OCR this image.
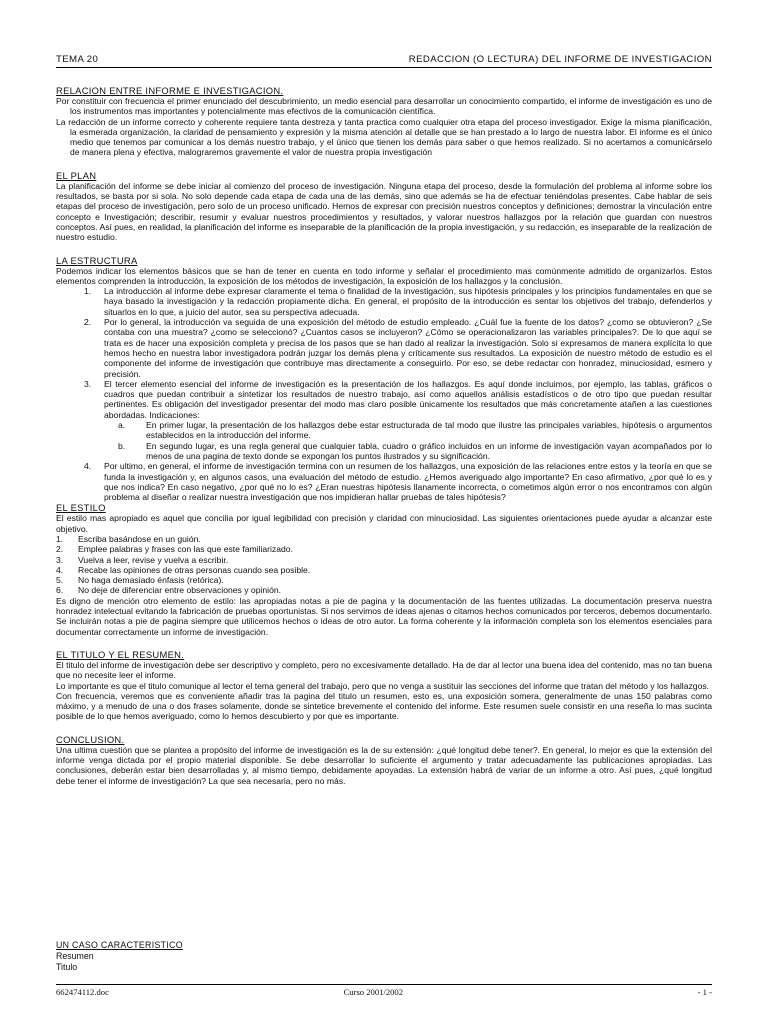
TEMA 20	REDACCION (O LECTURA) DEL INFORME DE INVESTIGACION
RELACION ENTRE INFORME E INVESTIGACION.

Por constituir con frecuencia el primer enunciado del descubrimiento, un medio esencial para desarrollar un conocimiento compartido, el informe de investigación es uno de los instrumentos mas importantes y potencialmente mas efectivos de la comunicación científica.

La redacción de un informe correcto y coherente requiere tanta destreza y tanta practica como cualquier otra etapa del proceso investigador. Exige la misma planificación, la esmerada organización, la claridad de pensamiento y expresión y la misma atención al detalle que se han prestado a lo largo de nuestra labor. El informe es el único medio que tenemos par comunicar a los demás nuestro trabajo, y el único que tienen los demás para saber o que hemos realizado. Si no acertamos a comunicárselo de manera plena y efectiva, malograremos gravemente el valor de nuestra propia investigación

EL PLAN

La planificación del informe se debe iniciar al comienzo del proceso de investigación. Ninguna etapa del proceso, desde la formulación del problema al informe sobre los resultados, se basta por si sola. No solo depende cada etapa de cada una de las demás, sino que además se ha de efectuar teniéndolas presentes. Cabe hablar de seis etapas del proceso de investigación, pero solo de un proceso unificado. Hemos de expresar con precisión nuestros conceptos y definiciones; demostrar la vinculación entre concepto e Investigación; describir, resumir y evaluar nuestros procedimientos y resultados, y valorar nuestros hallazgos por la relación que guardan con nuestros conceptos. Así pues, en realidad, la planificación del informe es inseparable de la planificación de la propia investigación, y su redacción, es inseparable de la realización de nuestro estudio.

LA ESTRUCTURA

Podemos indicar los elementos básicos que se han de tener en cuenta en todo informe y señalar el procedimiento mas comúnmente admitido de organizarlos. Estos elementos comprenden la introducción, la exposición de los métodos de investigación, la exposición de los hallazgos y la conclusión.

1.	La introducción al informe debe expresar claramente el tema o finalidad de la investigación, sus hipótesis principales y los principios fundamentales en que se haya basado la investigación y la redacción propiamente dicha. En general, el propósito de la introducción es sentar los objetivos del trabajo, defenderlos y situarlos en lo que, a juicio del autor, sea su perspectiva adecuada.
2.	Por lo general, la introducción va seguida de una exposición del método de estudio empleado. ¿Cuál fue la fuente de los datos? ¿como se obtuvieron? ¿Se contaba con una muestra? ¿como se seleccionó? ¿Cuantos casos se incluyeron? ¿Cómo se operacionalizaron las variables principales?. De lo que aquí se trata es de hacer una exposición completa y precisa de los pasos que se han dado al realizar la investigación. Solo si expresamos de manera explícita lo que hemos hecho en nuestra labor investigadora podrán juzgar los demás plena y críticamente sus resultados. La exposición de nuestro método de estudio es el componente del informe de investigación que contribuye mas directamente a conseguirlo. Por eso, se debe redactar con honradez, minuciosidad, esmero y precisión.
3.	El tercer elemento esencial del informe de investigación es la presentación de los hallazgos. Es aquí donde incluimos, por ejemplo, las tablas, gráficos o cuadros que puedan contribuir a sintetizar los resultados de nuestro trabajo, así como aquellos análisis estadísticos o de otro tipo que puedan resultar pertinentes. Es obligación del investigador presentar del modo mas claro posible únicamente los resultados que más concretamente atañen a las cuestiones abordadas. Indicaciones:
a.	En primer lugar, la presentación de los hallazgos debe estar estructurada de tal modo que ilustre las principales variables, hipótesis o argumentos establecidos en la introducción del informe.
b.	En segundo lugar, es una regla general que cualquier tabla, cuadro o gráfico incluidos en un informe de investigación vayan acompañados por lo menos de una pagina de texto donde se expongan los puntos ilustrados y su significación.
4.	Por ultimo, en general, el informe de investigación termina con un resumen de los hallazgos, una exposición de las relaciones entre estos y la teoría en que se funda la investigación y, en algunos casos, una evaluación del método de estudio. ¿Hemos averiguado algo importante? En caso afirmativo, ¿por qué lo es y que nos indica? En caso negativo, ¿por qué no lo es? ¿Eran nuestras hipótesis llanamente incorrecta, o cometimos algún error o nos encontramos con algún problema al diseñar o realizar nuestra investigación que nos impidieran hallar pruebas de tales hipótesis?
EL ESTILO

El estilo mas apropiado es aquel que concilia por igual legibilidad con precisión y claridad con minuciosidad. Las siguientes orientaciones puede ayudar a alcanzar este objetivo.

1.	Escriba basándose en un guión.
2.	Emplee palabras y frases con las que este familiarizado.
3.	Vuelva a leer, revise y vuelva a escribir.
4.	Recabe las opiniones de otras personas cuando sea posible.
5.	No haga demasiado énfasis (retórica).
6.	No deje de diferenciar entre observaciones y opinión.

Es digno de mención otro elemento de estilo: las apropiadas notas a pie de pagina y la documentación de las fuentes utilizadas. La documentación preserva nuestra honradez intelectual evitando la fabricación de pruebas oportunistas. Si nos servimos de ideas ajenas o citamos hechos comunicados por terceros, debemos documentarlo. Se incluirán notas a pie de pagina siempre que utilicemos hechos o ideas de otro autor. La forma coherente y la información completa son los elementos esenciales para documentar correctamente un informe de investigación.

EL TITULO Y EL RESUMEN.

El titulo del informe de investigación debe ser descriptivo y completo, pero no excesivamente detallado. Ha de dar al lector una buena idea del contenido, mas no tan buena que no necesite leer el informe.

Lo importante es que el titulo comunique al lector el tema general del trabajo, pero que no venga a sustituir las secciones del informe que tratan del método y los hallazgos.

Con frecuencia, veremos que es conveniente añadir tras la pagina del titulo un resumen, esto es, una exposición somera, generalmente de unas 150 palabras como máximo, y a menudo de una o dos frases solamente, donde se sintetice brevemente el contenido del informe. Este resumen suele consistir en una reseña lo mas sucinta posible de lo que hemos averiguado, como lo hemos descubierto y por que es importante.

CONCLUSION.

Una ultima cuestión que se plantea a propósito del informe de investigación es la de su extensión: ¿qué longitud debe tener?. En general, lo mejor es que la extensión del informe venga dictada por el propio material disponible. Se debe desarrollar lo suficiente el argumento y tratar adecuadamente las publicaciones apropiadas. Las conclusiones, deberán estar bien desarrolladas y, al mismo tiempo, debidamente apoyadas. La extensión habrá de variar de un informe a otro. Así pues, ¿qué longitud debe tener el informe de investigación? La que sea necesaria, pero no más.

UN CASO CARACTERISTICO
Resumen
Titulo
662474112.doc	Curso 2001/2002	- 1 -
